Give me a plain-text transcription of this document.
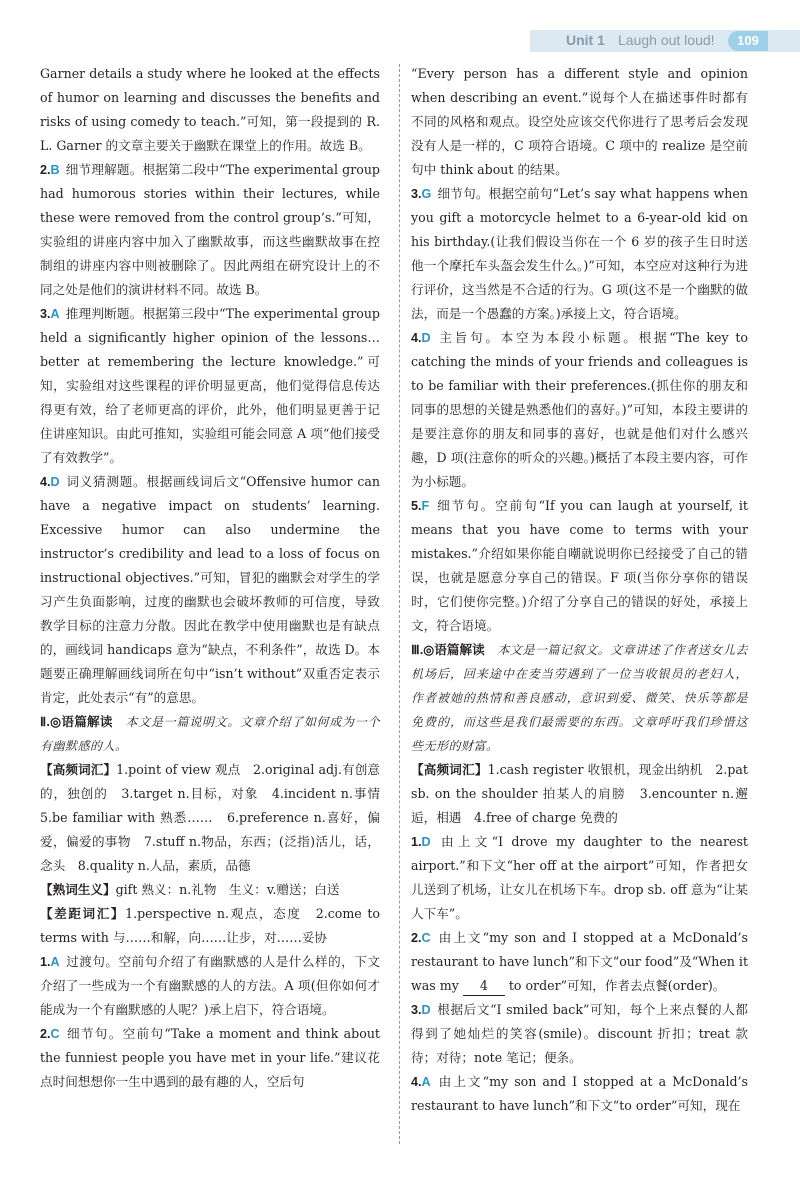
Unit 1 Laugh out loud!	109

Garner details a study where he looked at the effects of humor on learning and discusses the benefits and risks of using comedy to teach.”可知，第一段提到的 R. L. Garner 的文章主要关于幽默在课堂上的作用。故选 B。

2.B 细节理解题。根据第二段中“The experimental group had humorous stories within their lectures, while these were removed from the control group’s.”可知，实验组的讲座内容中加入了幽默故事，而这些幽默故事在控制组的讲座内容中则被删除了。因此两组在研究设计上的不同之处是他们的演讲材料不同。故选 B。

3.A 推理判断题。根据第三段中“The experimental group held a significantly higher opinion of the lessons…better at remembering the lecture knowledge.”可知，实验组对这些课程的评价明显更高，他们觉得信息传达得更有效，给了老师更高的评价，此外，他们明显更善于记住讲座知识。由此可推知，实验组可能会同意 A 项“他们接受了有效教学”。

4.D 词义猜测题。根据画线词后文“Offensive humor can have a negative impact on students’ learning. Excessive humor can also undermine the instructor’s credibility and lead to a loss of focus on instructional objectives.”可知，冒犯的幽默会对学生的学习产生负面影响，过度的幽默也会破坏教师的可信度，导致教学目标的注意力分散。因此在教学中使用幽默也是有缺点的，画线词 handicaps 意为“缺点，不利条件”，故选 D。本题要正确理解画线词所在句中“isn’t without”双重否定表示肯定，此处表示“有”的意思。

Ⅱ.◎语篇解读　 本文是一篇说明文。文章介绍了如何成为一个有幽默感的人。

【高频词汇】1.point of view 观点　2.original adj.有创意的，独创的　3.target n.目标，对象　4.incident n.事情　5.be familiar with 熟悉……　6.preference n.喜好，偏爱，偏爱的事物　7.stuff n.物品，东西；(泛指)活儿，话，念头　8.quality n.人品，素质，品德

【熟词生义】gift 熟义：n.礼物　生义：v.赠送；白送

【差距词汇】1.perspective n.观点，态度　2.come to terms with 与……和解，向……让步，对……妥协

1.A 过渡句。空前句介绍了有幽默感的人是什么样的，下文介绍了一些成为一个有幽默感的人的方法。A 项(但你如何才能成为一个有幽默感的人呢？)承上启下，符合语境。

2.C 细节句。空前句“Take a moment and think about the funniest people you have met in your life.”建议花点时间想想你一生中遇到的最有趣的人，空后句

“Every person has a different style and opinion when describing an event.”说每个人在描述事件时都有不同的风格和观点。设空处应该交代你进行了思考后会发现没有人是一样的，C 项符合语境。C 项中的 realize 是空前句中 think about 的结果。

3.G 细节句。根据空前句“Let’s say what happens when you gift a motorcycle helmet to a 6-year-old kid on his birthday.(让我们假设当你在一个 6 岁的孩子生日时送他一个摩托车头盔会发生什么。)”可知，本空应对这种行为进行评价，这当然是不合适的行为。G 项(这不是一个幽默的做法，而是一个愚蠢的方案。)承接上文，符合语境。

4.D 主旨句。本空为本段小标题。根据“The key to catching the minds of your friends and colleagues is to be familiar with their preferences.(抓住你的朋友和同事的思想的关键是熟悉他们的喜好。)”可知，本段主要讲的是要注意你的朋友和同事的喜好，也就是他们对什么感兴趣，D 项(注意你的听众的兴趣。)概括了本段主要内容，可作为小标题。

5.F 细节句。空前句“If you can laugh at yourself, it means that you have come to terms with your mistakes.”介绍如果你能自嘲就说明你已经接受了自己的错误，也就是愿意分享自己的错误。F 项(当你分享你的错误时，它们使你完整。)介绍了分享自己的错误的好处，承接上文，符合语境。

Ⅲ.◎语篇解读　 本文是一篇记叙文。文章讲述了作者送女儿去机场后，回来途中在麦当劳遇到了一位当收银员的老妇人，作者被她的热情和善良感动，意识到爱、微笑、快乐等都是免费的，而这些是我们最需要的东西。文章呼吁我们珍惜这些无形的财富。

【高频词汇】1.cash register 收银机，现金出纳机　2.pat sb. on the shoulder 拍某人的肩膀　3.encounter n.邂逅，相遇　4.free of charge 免费的

1.D 由上文“I drove my daughter to the nearest airport.”和下文“her off at the airport”可知，作者把女儿送到了机场，让女儿在机场下车。drop sb. off 意为“让某人下车”。

2.C 由上文“my son and I stopped at a McDonald’s restaurant to have lunch”和下文“our food”及“When it was my 4 to order”可知，作者去点餐(order)。

3.D 根据后文“I smiled back”可知，每个上来点餐的人都得到了她灿烂的笑容(smile)。discount 折扣；treat 款待；对待；note 笔记；便条。

4.A 由上文“my son and I stopped at a McDonald’s restaurant to have lunch”和下文“to order”可知，现在
